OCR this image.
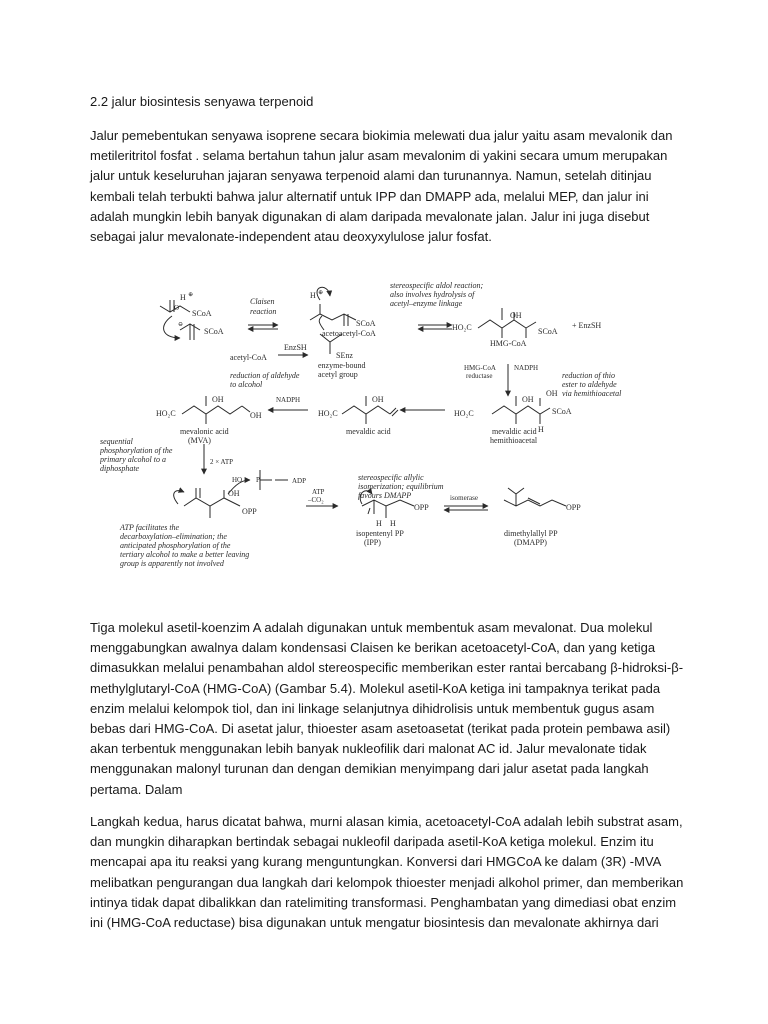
2.2 jalur biosintesis senyawa terpenoid
Jalur pemebentukan senyawa isoprene secara biokimia melewati dua jalur yaitu asam mevalonik dan
metileritritol fosfat . selama bertahun tahun jalur asam mevalonim di yakini secara umum merupakan
jalur untuk keseluruhan jajaran senyawa terpenoid alami dan turunannya. Namun, setelah ditinjau
kembali telah terbukti bahwa jalur alternatif untuk IPP dan DMAPP ada, melalui MEP, dan jalur ini
adalah mungkin lebih banyak digunakan di alam daripada mevalonate jalan. Jalur ini juga disebut
sebagai jalur mevalonate-independent atau deoxyxylulose jalur fosfat.
O
H ⊕
SCoA
⊖
SCoA
Claisen
reaction
H ⊕
SCoA
acetoacetyl-CoA
SEnz
acetyl-CoA
EnzSH
enzyme-bound
acetyl group
stereospecific aldol reaction;
also involves hydrolysis of
acetyl–enzyme linkage
HO₂C
OH
SCoA
HMG-CoA
+ EnzSH
HMG-CoA
reductase
NADPH
reduction of thio
ester to aldehyde
via hemithioacetal
reduction of aldehyde
to alcohol
NADPH
HO₂C
OH
OH
mevalonic acid
(MVA)
HO₂C
OH
mevaldic acid
HO₂C
OH
OH
SCoA
H
mevaldic acid
hemithioacetal
sequential
phosphorylation of the
primary alcohol to a
diphosphate
2 × ATP
HO P	ADP
OH
OPP
ATP
–CO₂
stereospecific allylic
isomerization; equilibrium
favours DMAPP
OPP
H H
isopentenyl PP
(IPP)
isomerase
OPP
dimethylallyl PP
(DMAPP)
ATP facilitates the
decarboxylation–elimination; the
anticipated phosphorylation of the
tertiary alcohol to make a better leaving
group is apparently not involved
Tiga molekul asetil-koenzim A adalah digunakan untuk membentuk asam mevalonat. Dua molekul
menggabungkan awalnya dalam kondensasi Claisen ke berikan acetoacetyl-CoA, dan yang ketiga
dimasukkan melalui penambahan aldol stereospecific memberikan ester rantai bercabang β-hidroksi-β-
methylglutaryl-CoA (HMG-CoA) (Gambar 5.4). Molekul asetil-KoA ketiga ini tampaknya terikat pada
enzim melalui kelompok tiol, dan ini linkage selanjutnya dihidrolisis untuk membentuk gugus asam
bebas dari HMG-CoA. Di asetat jalur, thioester asam asetoasetat (terikat pada protein pembawa asil)
akan terbentuk menggunakan lebih banyak nukleofilik dari malonat AC id. Jalur mevalonate tidak
menggunakan malonyl turunan dan dengan demikian menyimpang dari jalur asetat pada langkah
pertama. Dalam
Langkah kedua, harus dicatat bahwa, murni alasan kimia, acetoacetyl-CoA adalah lebih substrat asam,
dan mungkin diharapkan bertindak sebagai nukleofil daripada asetil-KoA ketiga molekul. Enzim itu
mencapai apa itu reaksi yang kurang menguntungkan. Konversi dari HMGCoA ke dalam (3R) -MVA
melibatkan pengurangan dua langkah dari kelompok thioester menjadi alkohol primer, dan memberikan
intinya tidak dapat dibalikkan dan ratelimiting transformasi. Penghambatan yang dimediasi obat enzim
ini (HMG-CoA reductase) bisa digunakan untuk mengatur biosintesis dan mevalonate akhirnya dari
